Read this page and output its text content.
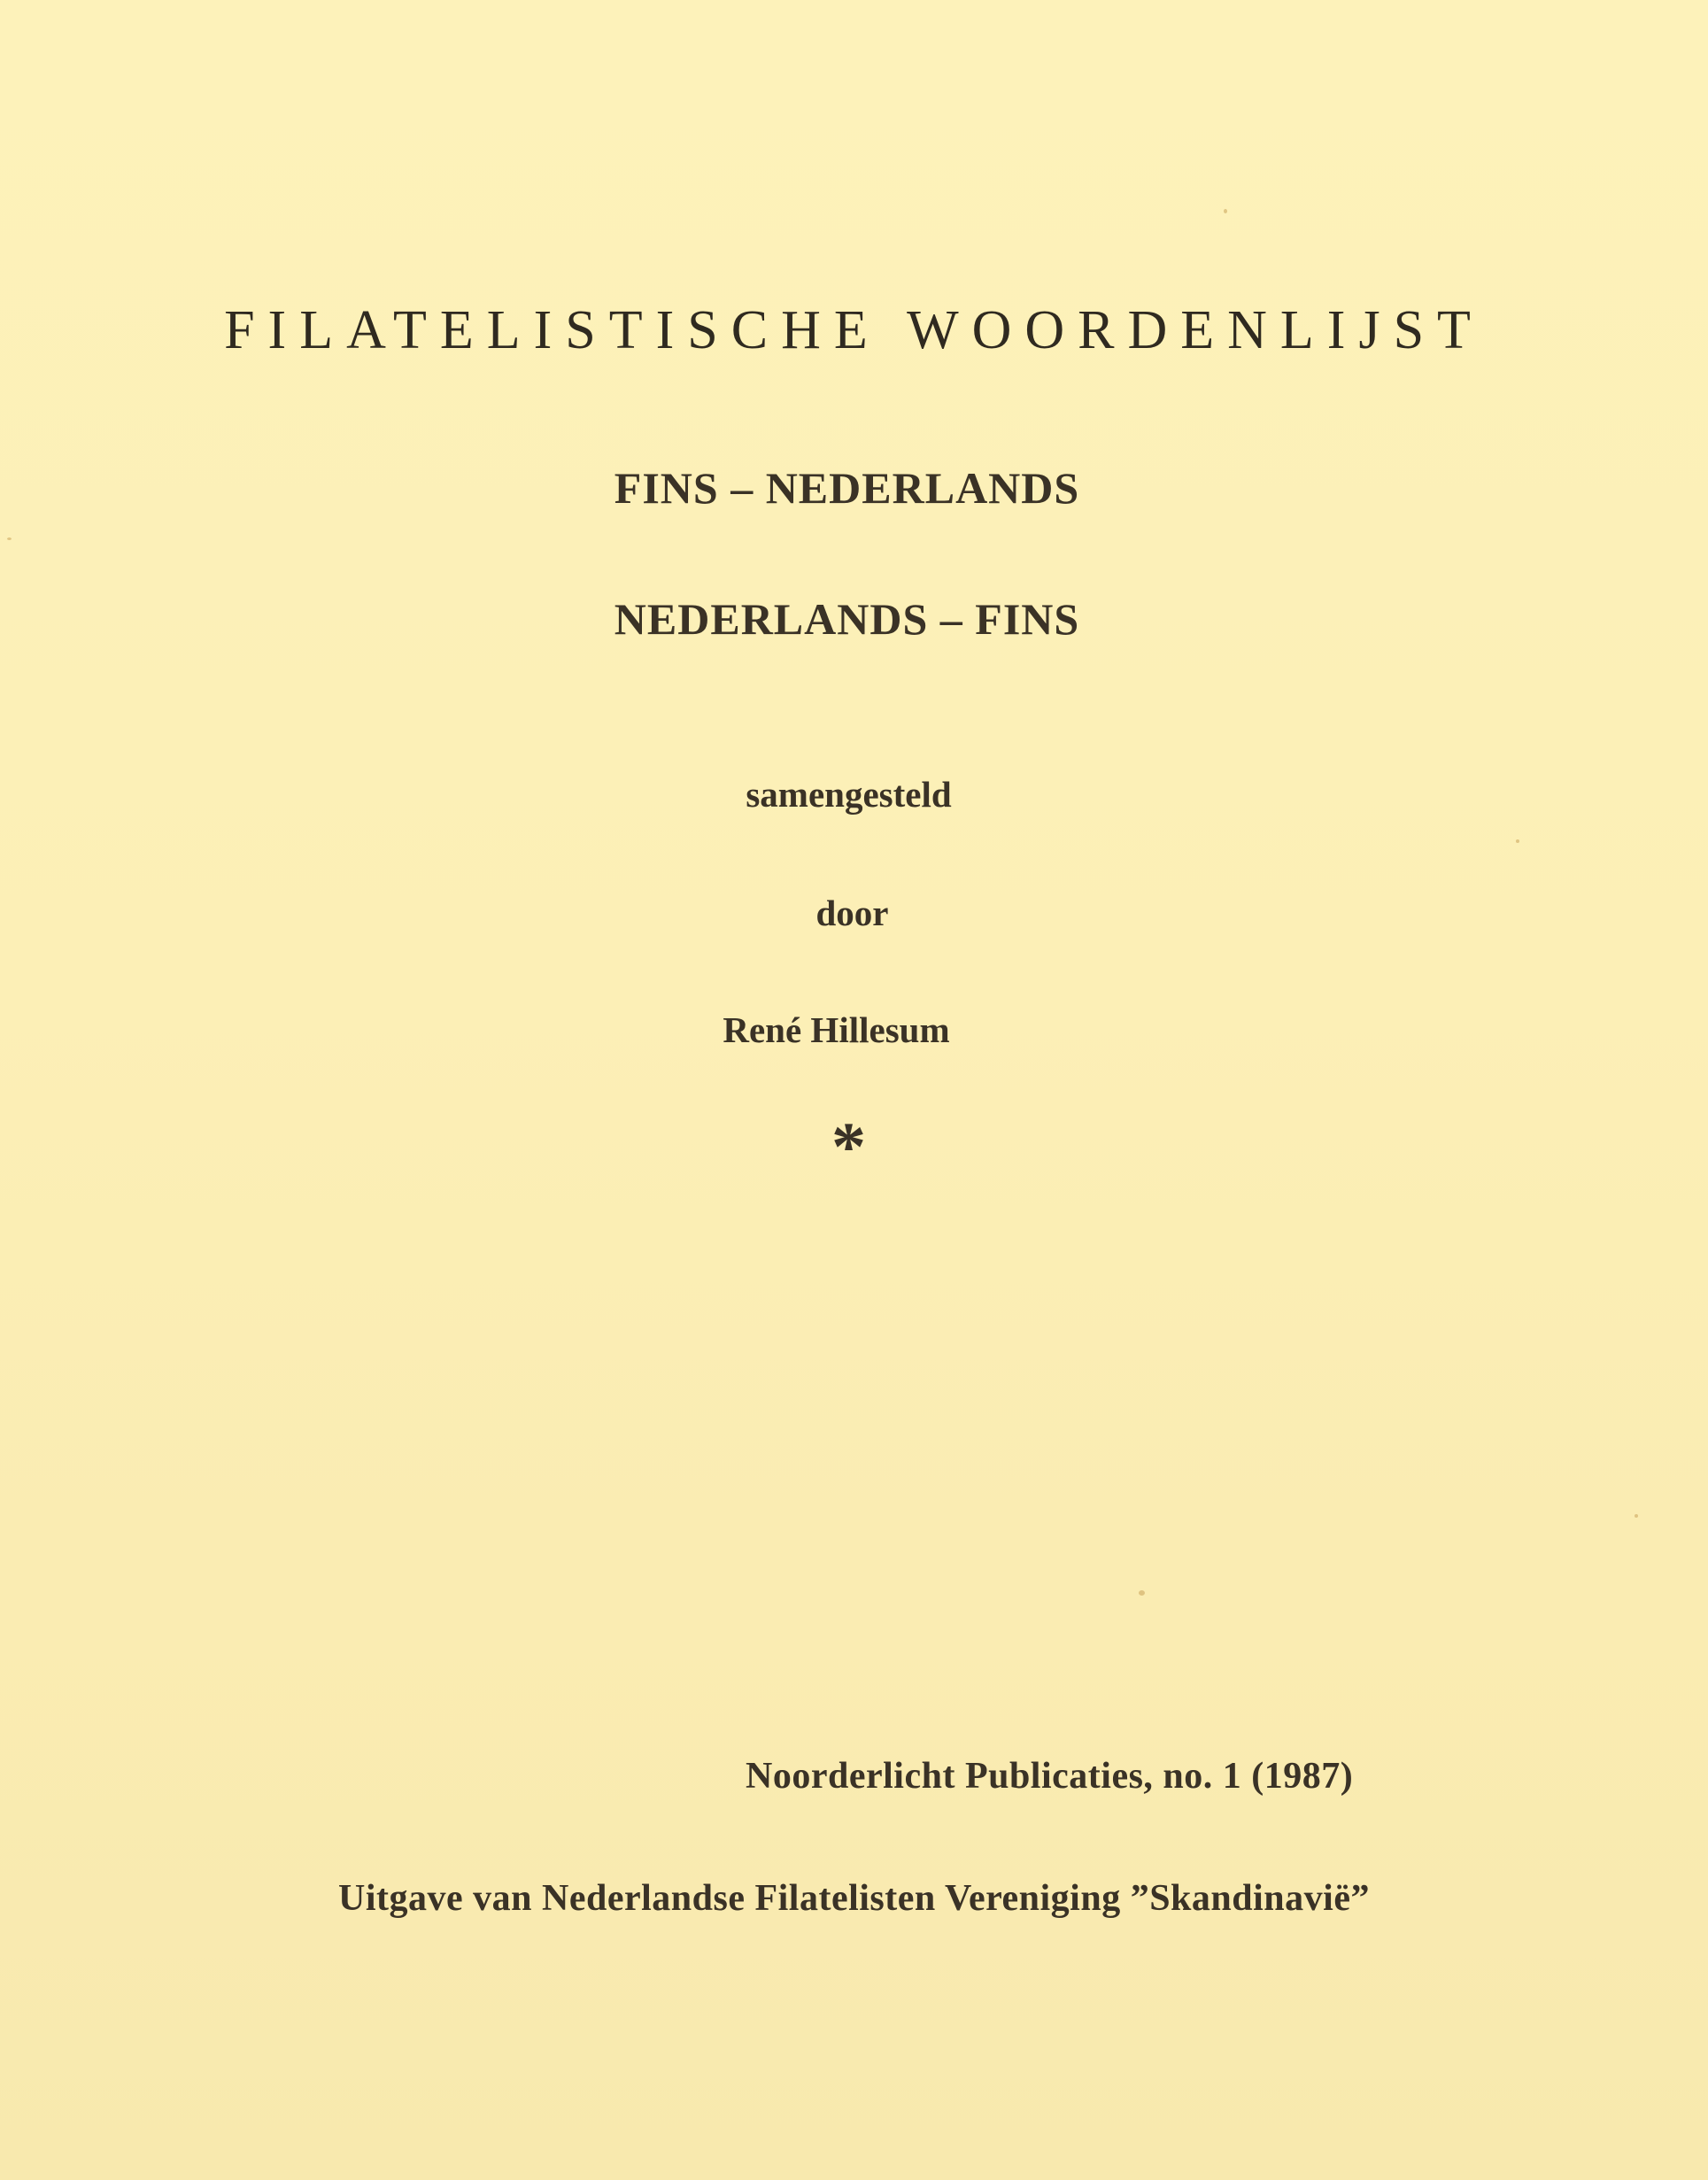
FILATELISTISCHE WOORDENLIJST
FINS – NEDERLANDS
NEDERLANDS – FINS
samengesteld
door
René Hillesum
*
Noorderlicht Publicaties, no. 1 (1987)
Uitgave van Nederlandse Filatelisten Vereniging ”Skandinavië”
